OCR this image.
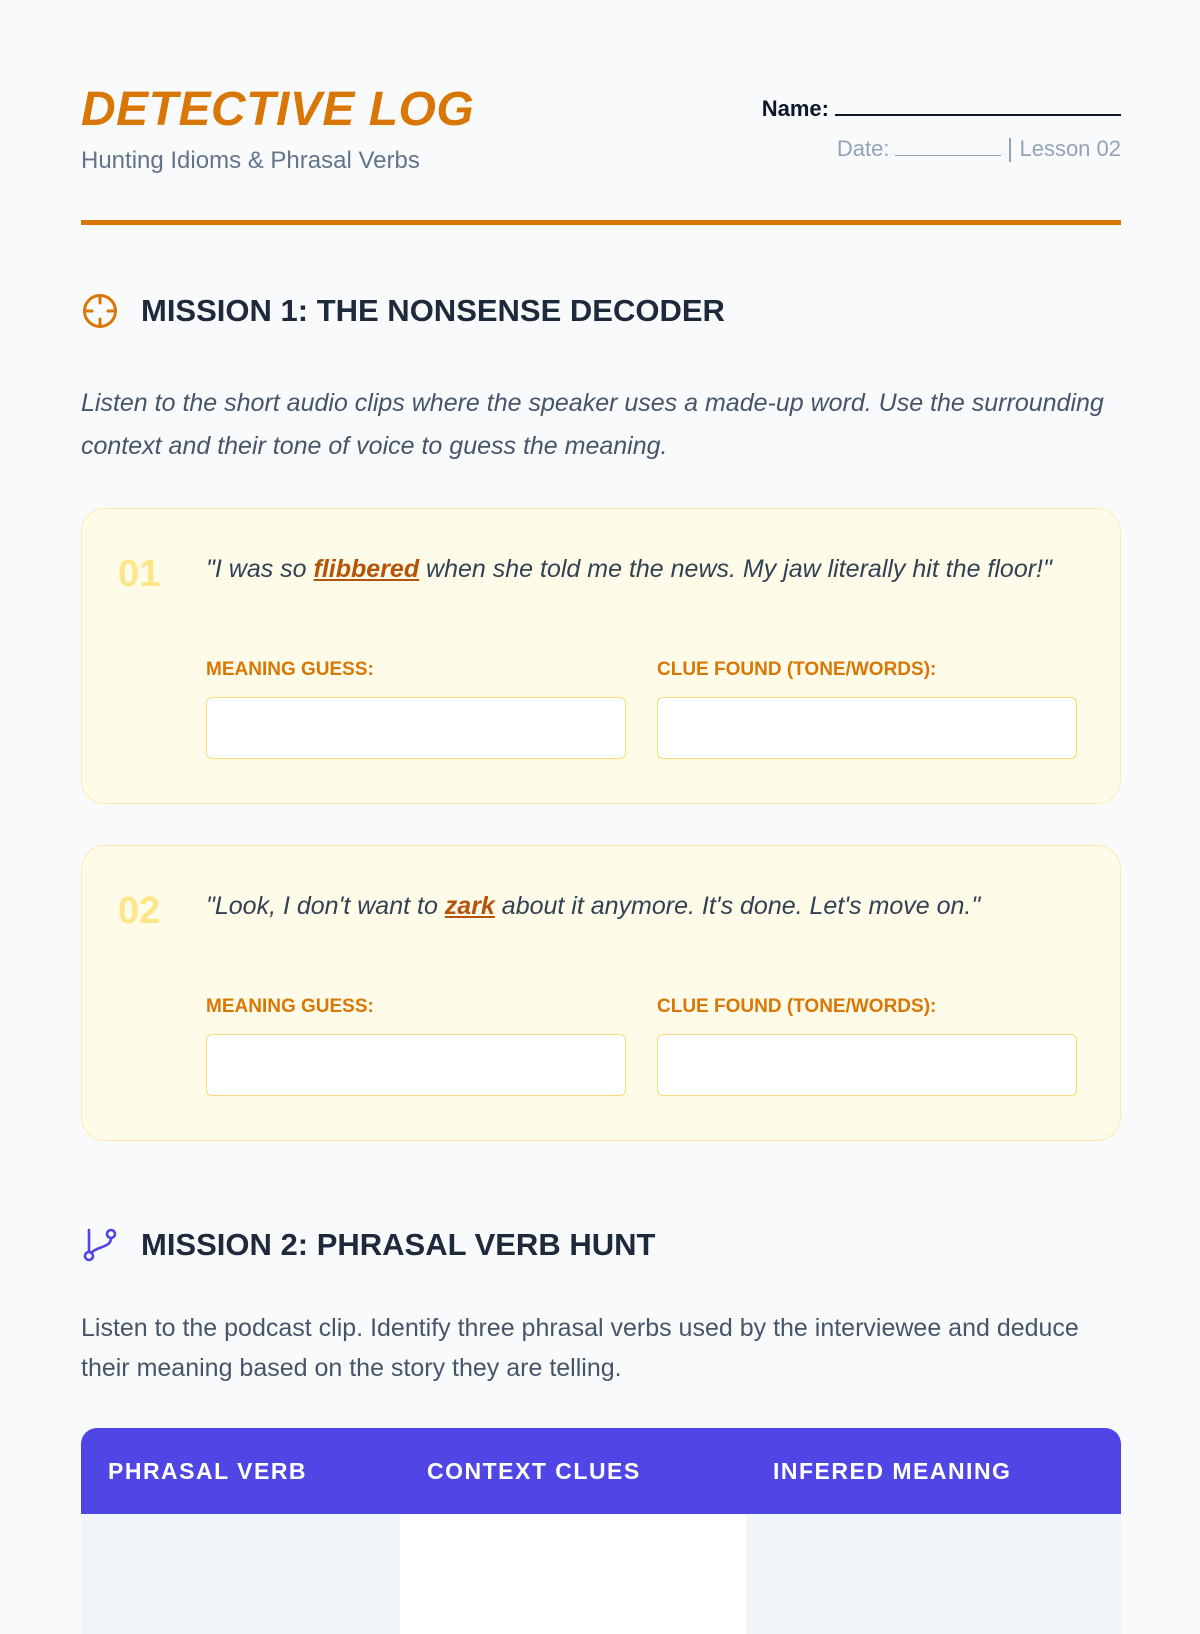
DETECTIVE LOG
Hunting Idioms & Phrasal Verbs
Name:
Date:	Lesson 02
MISSION 1: THE NONSENSE DECODER
Listen to the short audio clips where the speaker uses a made-up word. Use the surrounding context and their tone of voice to guess the meaning.
01 "I was so flibbered when she told me the news. My jaw literally hit the floor!"
MEANING GUESS:	CLUE FOUND (TONE/WORDS):
02 "Look, I don't want to zark about it anymore. It's done. Let's move on."
MEANING GUESS:	CLUE FOUND (TONE/WORDS):
MISSION 2: PHRASAL VERB HUNT
Listen to the podcast clip. Identify three phrasal verbs used by the interviewee and deduce their meaning based on the story they are telling.
PHRASAL VERB	CONTEXT CLUES	INFERED MEANING
